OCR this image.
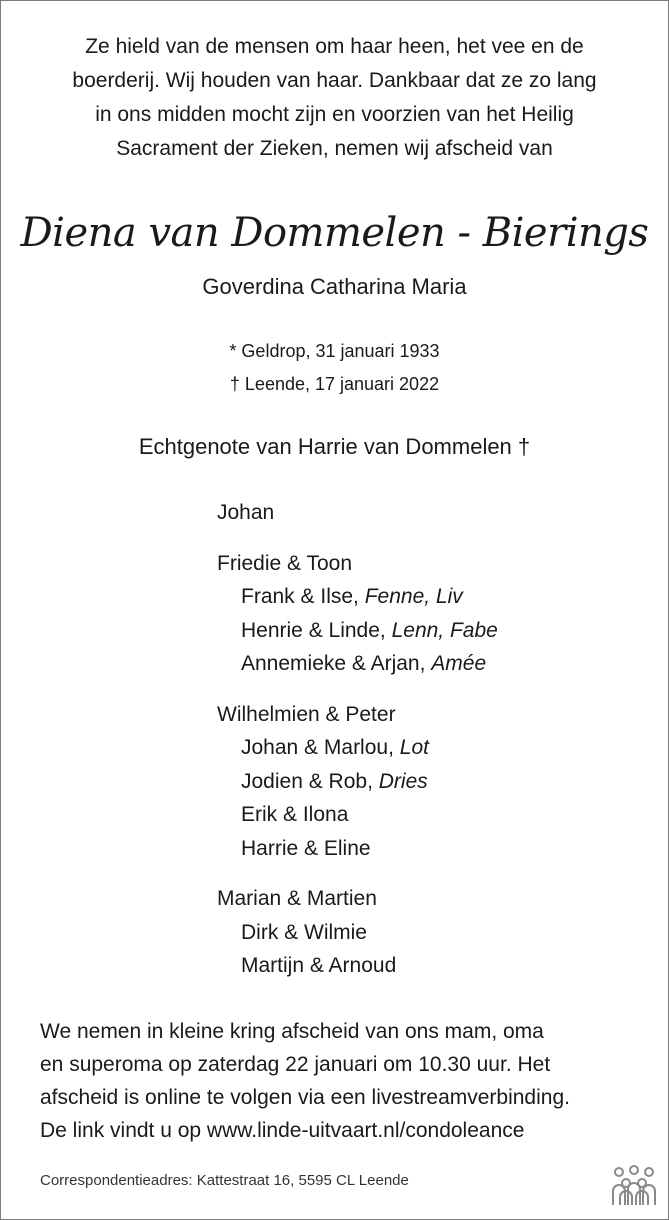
Ze hield van de mensen om haar heen, het vee en de
boerderij. Wij houden van haar. Dankbaar dat ze zo lang
in ons midden mocht zijn en voorzien van het Heilig
Sacrament der Zieken, nemen wij afscheid van
Diena van Dommelen - Bierings
Goverdina Catharina Maria
* Geldrop, 31 januari 1933
† Leende, 17 januari 2022
Echtgenote van Harrie van Dommelen †
Johan
Friedie & Toon
Frank & Ilse, Fenne, Liv
Henrie & Linde, Lenn, Fabe
Annemieke & Arjan, Amée
Wilhelmien & Peter
Johan & Marlou, Lot
Jodien & Rob, Dries
Erik & Ilona
Harrie & Eline
Marian & Martien
Dirk & Wilmie
Martijn & Arnoud
We nemen in kleine kring afscheid van ons mam, oma
en superoma op zaterdag 22 januari om 10.30 uur. Het
afscheid is online te volgen via een livestreamverbinding.
De link vindt u op www.linde-uitvaart.nl/condoleance
Correspondentieadres: Kattestraat 16, 5595 CL Leende
